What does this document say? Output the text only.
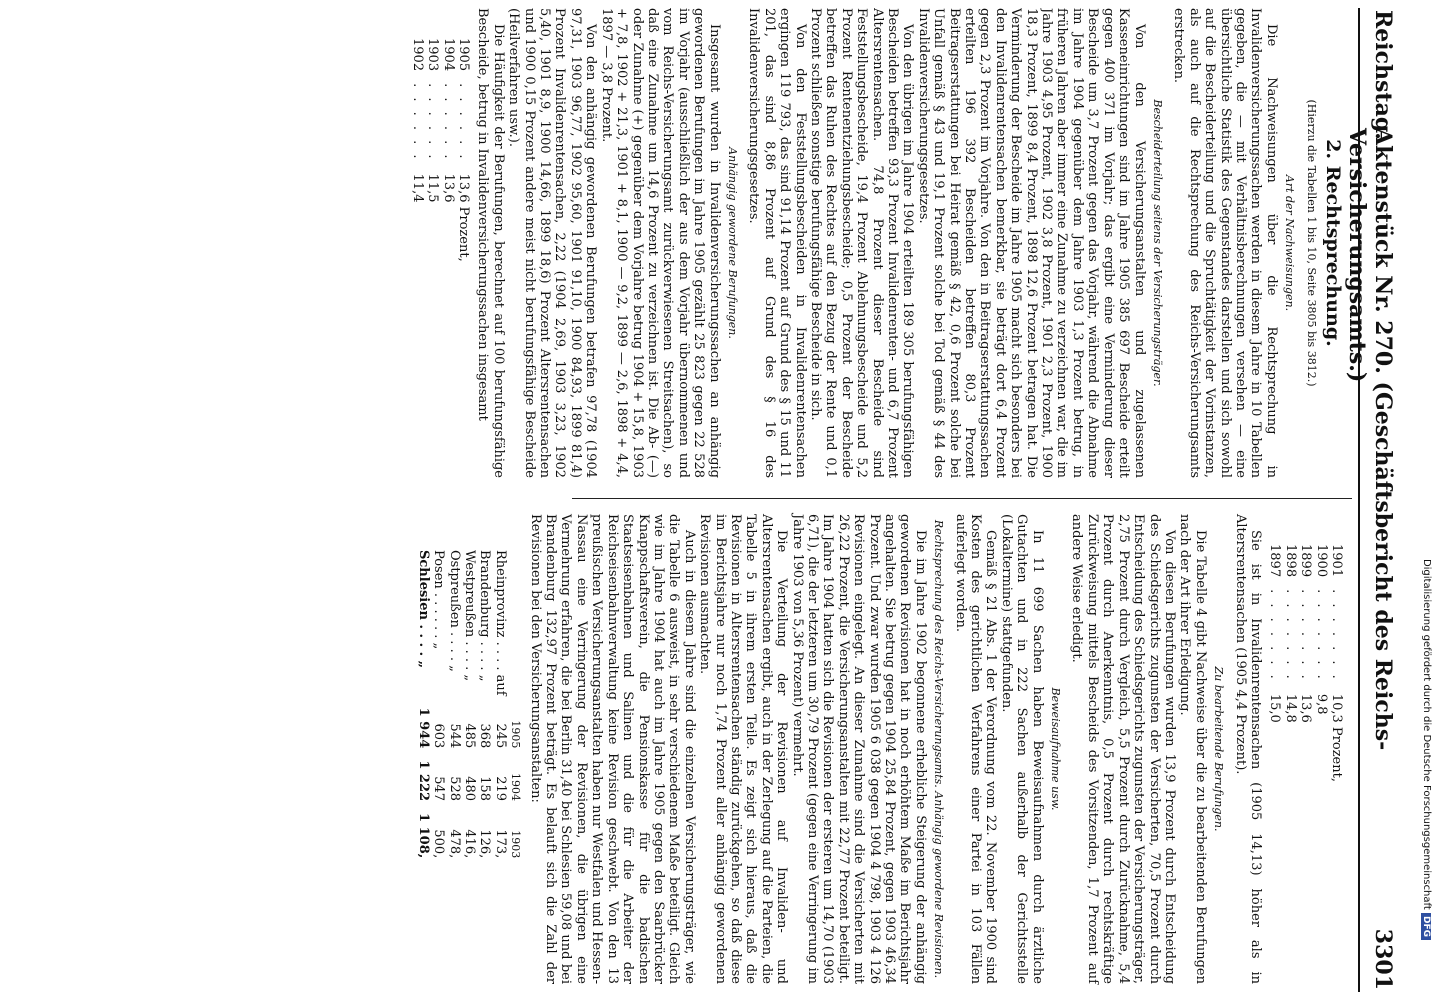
Reichstag.
Aktenstück Nr. 270. (Geschäftsbericht des Reichs-Versicherungsamts.)
3301
2. Rechtsprechung.
(Hierzu die Tabellen 1 bis 10, Seite 3805 bis 3812.)
Art der Nachweisungen.

Die Nachweisungen über die Rechtsprechung in Invalidenversicherungssachen werden in diesem Jahre in 10 Tabellen gegeben, die — mit Verhältnisberechnungen versehen — eine übersichtliche Statistik des Gegenstandes darstellen und sich sowohl auf die Bescheiderteilung und die Spruchtätigkeit der Vorinstanzen, als auch auf die Rechtsprechung des Reichs-Versicherungsamts erstrecken.

Bescheiderteilung seitens der Versicherungsträger.

Von den Versicherungsanstalten und zugelassenen Kasseneinrichtungen sind im Jahre 1905 385 697 Bescheide erteilt gegen 400 371 im Vorjahr; das ergibt eine Verminderung dieser Bescheide um 3,7 Prozent gegen das Vorjahr, während die Abnahme im Jahre 1904 gegenüber dem Jahre 1903 1,3 Prozent betrug, in früheren Jahren aber immer eine Zunahme zu verzeichnen war, die im Jahre 1903 4,95 Prozent, 1902 3,8 Prozent, 1901 2,3 Prozent, 1900 18,3 Prozent, 1899 8,4 Prozent, 1898 12,6 Prozent betragen hat. Die Verminderung der Bescheide im Jahre 1905 macht sich besonders bei den Invalidenrentensachen bemerkbar, sie beträgt dort 6,4 Prozent gegen 2,3 Prozent im Vorjahre. Von den in Beitragserstattungssachen erteilten 196 392 Bescheiden betreffen 80,3 Prozent Beitragserstattungen bei Heirat gemäß § 42, 0,6 Prozent solche bei Unfall gemäß § 43 und 19,1 Prozent solche bei Tod gemäß § 44 des Invalidenversicherungsgesetzes.

Von den übrigen im Jahre 1904 erteilten 189 305 berufungsfähigen Bescheiden betreffen 93,3 Prozent Invalidenrenten- und 6,7 Prozent Altersrentensachen. 74,8 Prozent dieser Bescheide sind Feststellungsbescheide, 19,4 Prozent Ablehnungsbescheide und 5,2 Prozent Rentenentziehungsbescheide; 0,5 Prozent der Bescheide betreffen das Ruhen des Rechtes auf den Bezug der Rente und 0,1 Prozent schließen sonstige berufungsfähige Bescheide in sich.

Von den Feststellungsbescheiden in Invalidenrentensachen ergingen 119 793, das sind 91,14 Prozent auf Grund des § 15 und 11 201, das sind 8,86 Prozent auf Grund des § 16 des Invalidenversicherungsgesetzes.

Anhängig gewordene Berufungen.

Insgesamt wurden in Invalidenversicherungssachen an anhängig gewordenen Berufungen im Jahre 1905 gezählt 25 823 gegen 22 528 im Vorjahr (ausschließlich der aus dem Vorjahr übernommenen und vom Reichs-Versicherungsamt zurückverwiesenen Streitsachen), so daß eine Zunahme um 14,6 Prozent zu verzeichnen ist. Die Ab- (—) oder Zunahme (+) gegenüber dem Vorjahre betrug 1904 + 15,8, 1903 + 7,8, 1902 + 21,3, 1901 + 8,1, 1900 — 9,2, 1899 — 2,6, 1898 + 4,4, 1897 — 3,8 Prozent.

Von den anhängig gewordenen Berufungen betrafen 97,78 (1904 97,31, 1903 96,77, 1902 95,60, 1901 91,10, 1900 84,93, 1899 81,4) Prozent Invalidenrentensachen, 2,22 (1904 2,69, 1903 3,23, 1902 5,40, 1901 8,9, 1900 14,66, 1899 18,6) Prozent Altersrentensachen und 1900 0,15 Prozent andere meist nicht berufungsfähige Bescheide (Heilverfahren usw.).

Die Häufigkeit der Berufungen, berechnet auf 100 berufungsfähige Bescheide, betrug in Invalidenversicherungssachen insgesamt

1905	. . . . . .	13,6 Prozent,
1904	. . . . . .	13,6
1903	. . . . . .	11,5
1902	. . . . . .	11,4
1901	. . . . . . .	10,3 Prozent,
1900	. . . . . . .	9,8
1899	. . . . . . .	13,6
1898	. . . . . . .	14,8
1897	. . . . . . .	15,0

Sie ist in Invalidenrentensachen (1905 14,13) höher als in Altersrentensachen (1905 4,4 Prozent).

Zu bearbeitende Berufungen.

Die Tabelle 4 gibt Nachweise über die zu bearbeitenden Berufungen nach der Art ihrer Erledigung.

Von diesen Berufungen wurden 13,9 Prozent durch Entscheidung des Schiedsgerichts zugunsten der Versicherten, 70,5 Prozent durch Entscheidung des Schiedsgerichts zugunsten der Versicherungsträger, 2,75 Prozent durch Vergleich, 5,5 Prozent durch Zurücknahme, 5,4 Prozent durch Anerkenntnis, 0,5 Prozent durch rechtskräftige Zurückweisung mittels Bescheids des Vorsitzenden, 1,7 Prozent auf andere Weise erledigt.

Beweisaufnahme usw.

In 11 699 Sachen haben Beweisaufnahmen durch ärztliche Gutachten und in 222 Sachen außerhalb der Gerichtsstelle (Lokaltermine) stattgefunden.

Gemäß § 21 Abs. 1 der Verordnung vom 22. November 1900 sind Kosten des gerichtlichen Verfahrens einer Partei in 103 Fällen auferlegt worden.

Rechtsprechung des Reichs-Versicherungsamts. Anhängig gewordene Revisionen.

Die im Jahre 1902 begonnene erhebliche Steigerung der anhängig gewordenen Revisionen hat in noch erhöhtem Maße im Berichtsjahr angehalten. Sie betrug gegen 1904 25,84 Prozent, gegen 1903 46,34 Prozent. Und zwar wurden 1905 6 038 gegen 1904 4 798, 1903 4 126 Revisionen eingelegt. An dieser Zunahme sind die Versicherten mit 26,22 Prozent, die Versicherungsanstalten mit 22,77 Prozent beteiligt. Im Jahre 1904 hatten sich die Revisionen der ersteren um 14,70 (1903 6,71), die der letzteren um 30,79 Prozent (gegen eine Verringerung im Jahre 1903 von 5,36 Prozent) vermehrt.

Die Verteilung der Revisionen auf Invaliden- und Altersrentensachen ergibt, auch in der Zerlegung auf die Parteien, die Tabelle 5 in ihrem ersten Teile. Es zeigt sich hieraus, daß die Revisionen in Altersrentensachen ständig zurückgehen, so daß diese im Berichtsjahre nur noch 1,74 Prozent aller anhängig gewordenen Revisionen ausmachten.

Auch in diesem Jahre sind die einzelnen Versicherungsträger, wie die Tabelle 6 ausweist, in sehr verschiedenem Maße beteiligt. Gleich wie im Jahre 1904 hat auch im Jahre 1905 gegen den Saarbrücker Knappschaftsverein, die Pensionskasse für die badischen Staatseisenbahnen und Salinen und die für die Arbeiter der Reichseisenbahnverwaltung keine Revision geschwebt. Von den 13 preußischen Versicherungsanstalten haben nur Westfalen und Hessen-Nassau eine Verringerung der Revisionen, die übrigen eine Vermehrung erfahren, die bei Berlin 31,40 bei Schlesien 59,08 und bei Brandenburg 132,97 Prozent beträgt. Es belauft sich die Zahl der Revisionen bei den Versicherungsanstalten:

	1905	1904	1903
Rheinprovinz . . . . auf	245	219	173,
Brandenburg . . . . „	368	158	126,
Westpreußen . . . . „	485	480	416,
Ostpreußen . . . . „	544	528	478,
Posen . . . . . . „	603	547	500,
Schlesien . . . . „	1 944	1 222	1 108,	Digitalisierung gefördert durch die Deutsche Forschungsgemeinschaft DFG
